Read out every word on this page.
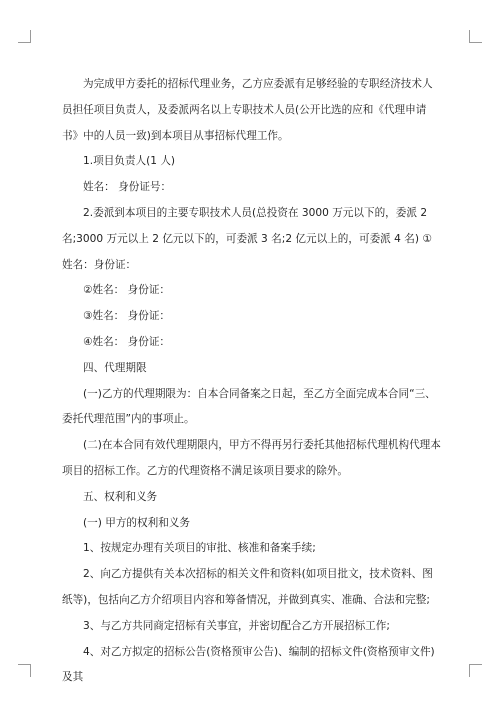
为完成甲方委托的招标代理业务，乙方应委派有足够经验的专职经济技术人员担任项目负责人，及委派两名以上专职技术人员(公开比选的应和《代理申请书》中的人员一致)到本项目从事招标代理工作。

1.项目负责人(1 人)

姓名： 身份证号：

2.委派到本项目的主要专职技术人员(总投资在 3000 万元以下的，委派 2 名;3000 万元以上 2 亿元以下的，可委派 3 名;2 亿元以上的，可委派 4 名) ① 姓名：身份证：

②姓名： 身份证：

③姓名： 身份证：

④姓名： 身份证：

四、代理期限

(一)乙方的代理期限为：自本合同备案之日起，至乙方全面完成本合同“三、委托代理范围”内的事项止。

(二)在本合同有效代理期限内，甲方不得再另行委托其他招标代理机构代理本项目的招标工作。乙方的代理资格不满足该项目要求的除外。

五、权利和义务

(一) 甲方的权利和义务

1、按规定办理有关项目的审批、核准和备案手续;

2、向乙方提供有关本次招标的相关文件和资料(如项目批文，技术资料、图纸等)，包括向乙方介绍项目内容和筹备情况，并做到真实、准确、合法和完整;

3、与乙方共同商定招标有关事宜，并密切配合乙方开展招标工作;

4、对乙方拟定的招标公告(资格预审公告)、编制的招标文件(资格预审文件)及其
